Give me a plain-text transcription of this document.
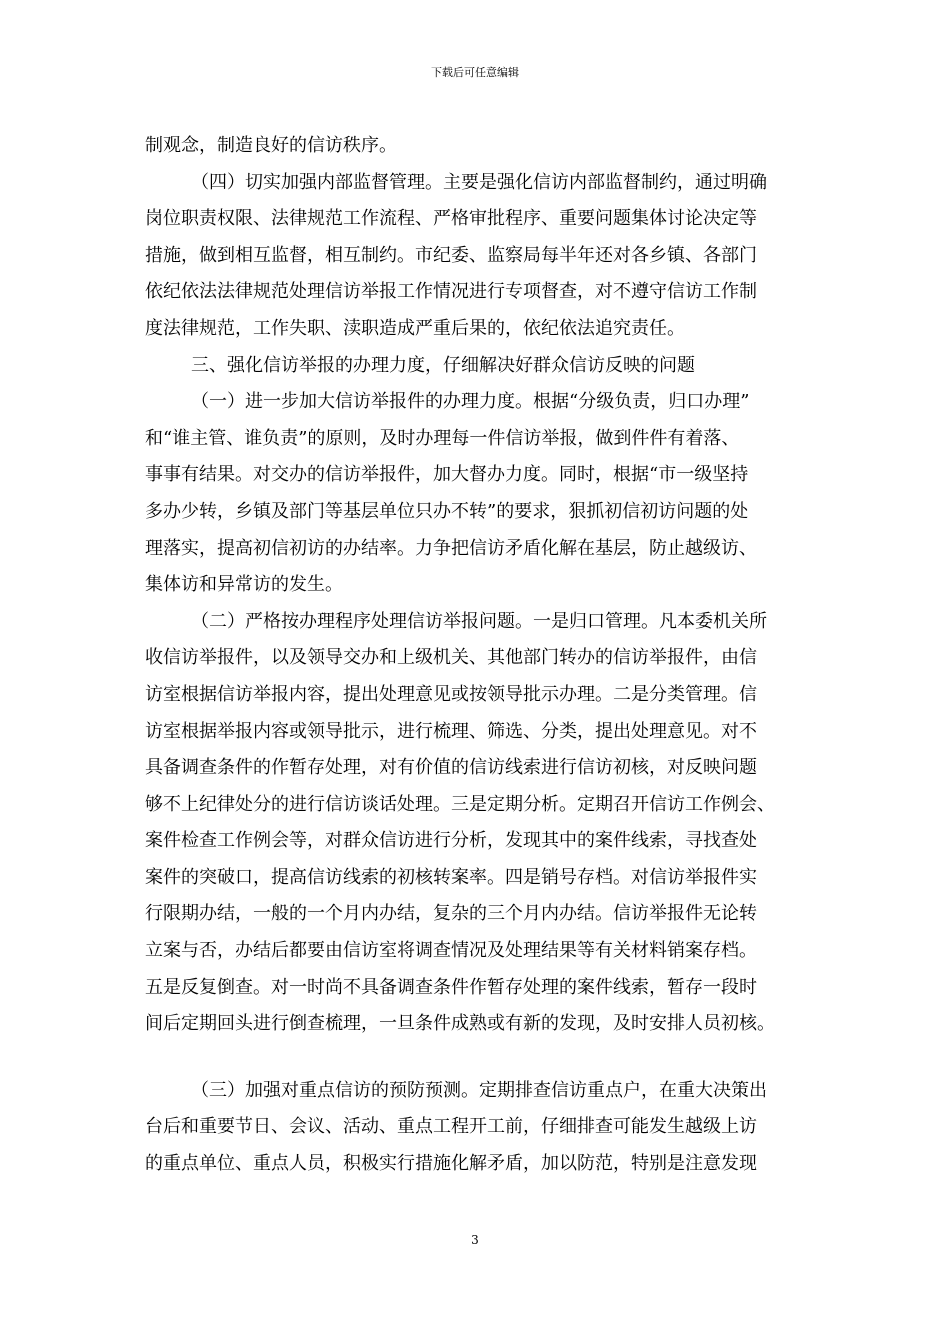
下载后可任意编辑
制观念，制造良好的信访秩序。
（四）切实加强内部监督管理。主要是强化信访内部监督制约，通过明确
岗位职责权限、法律规范工作流程、严格审批程序、重要问题集体讨论决定等
措施，做到相互监督，相互制约。市纪委、监察局每半年还对各乡镇、各部门
依纪依法法律规范处理信访举报工作情况进行专项督查，对不遵守信访工作制
度法律规范，工作失职、渎职造成严重后果的，依纪依法追究责任。
三、强化信访举报的办理力度，仔细解决好群众信访反映的问题
（一）进一步加大信访举报件的办理力度。根据“分级负责，归口办理”
和“谁主管、谁负责”的原则，及时办理每一件信访举报，做到件件有着落、
事事有结果。对交办的信访举报件，加大督办力度。同时，根据“市一级坚持
多办少转，乡镇及部门等基层单位只办不转”的要求，狠抓初信初访问题的处
理落实，提高初信初访的办结率。力争把信访矛盾化解在基层，防止越级访、
集体访和异常访的发生。
（二）严格按办理程序处理信访举报问题。一是归口管理。凡本委机关所
收信访举报件，以及领导交办和上级机关、其他部门转办的信访举报件，由信
访室根据信访举报内容，提出处理意见或按领导批示办理。二是分类管理。信
访室根据举报内容或领导批示，进行梳理、筛选、分类，提出处理意见。对不
具备调查条件的作暂存处理，对有价值的信访线索进行信访初核，对反映问题
够不上纪律处分的进行信访谈话处理。三是定期分析。定期召开信访工作例会、
案件检查工作例会等，对群众信访进行分析，发现其中的案件线索，寻找查处
案件的突破口，提高信访线索的初核转案率。四是销号存档。对信访举报件实
行限期办结，一般的一个月内办结，复杂的三个月内办结。信访举报件无论转
立案与否，办结后都要由信访室将调查情况及处理结果等有关材料销案存档。
五是反复倒查。对一时尚不具备调查条件作暂存处理的案件线索，暂存一段时
间后定期回头进行倒查梳理，一旦条件成熟或有新的发现，及时安排人员初核。
（三）加强对重点信访的预防预测。定期排查信访重点户，在重大决策出
台后和重要节日、会议、活动、重点工程开工前，仔细排查可能发生越级上访
的重点单位、重点人员，积极实行措施化解矛盾，加以防范，特别是注意发现
3
